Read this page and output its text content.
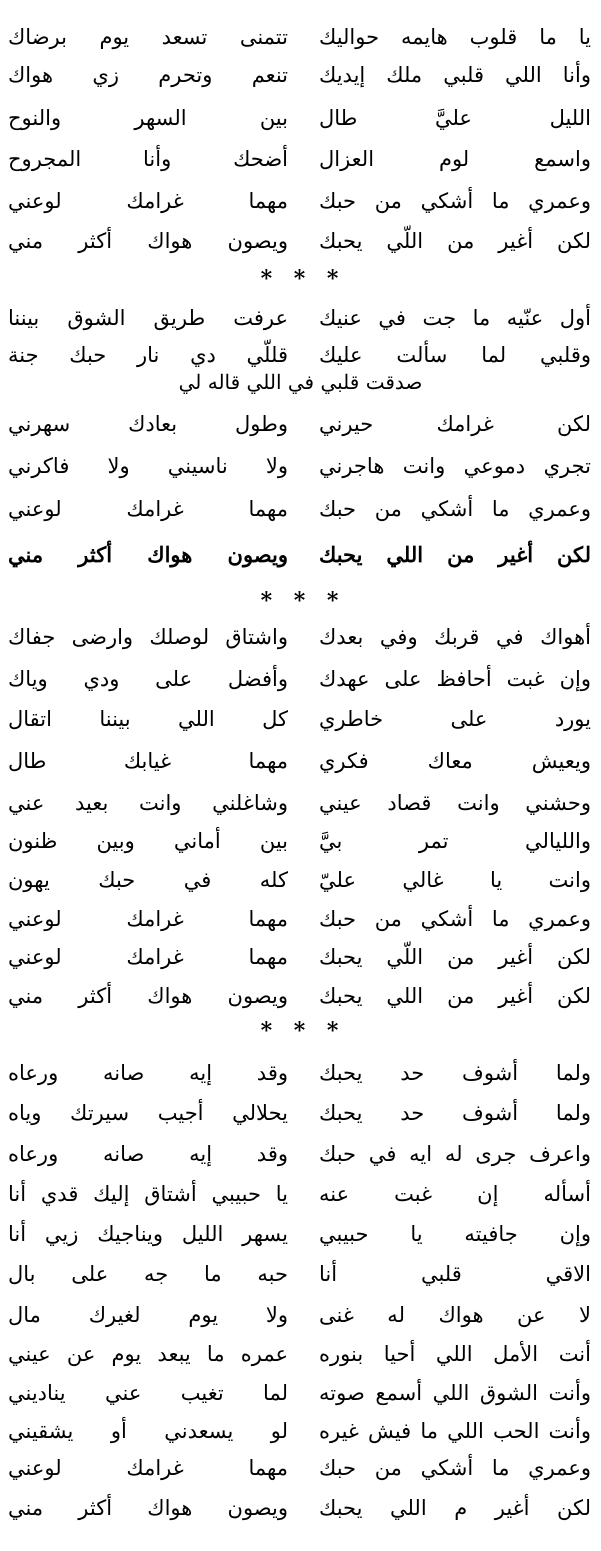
يا ما قلوب هايمه حواليك
تتمنى تسعد يوم برضاك
وأنا اللي قلبي ملك إيديك
تنعم وتحرم زي هواك
الليل عليَّ طال
بين السهر والنوح
واسمع لوم العزال
أضحك وأنا المجروح
وعمري ما أشكي من حبك
مهما غرامك لوعني
لكن أغير من اللّي يحبك
ويصون هواك أكثر مني
* * *
أول عنّيه ما جت في عنيك
عرفت طريق الشوق بيننا
وقلبي لما سألت عليك
قللّي دي نار حبك جنة
صدقت قلبي في اللي قاله لي
لكن غرامك حيرني
وطول بعادك سهرني
تجري دموعي وانت هاجرني
ولا ناسيني ولا فاكرني
وعمري ما أشكي من حبك
مهما غرامك لوعني
لكن أغير من اللي يحبك
ويصون هواك أكثر مني
* * *
أهواك في قربك وفي بعدك
واشتاق لوصلك وارضى جفاك
وإن غبت أحافظ على عهدك
وأفضل على ودي وياك
يورد على خاطري
كل اللي بيننا اتقال
ويعيش معاك فكري
مهما غيابك طال
وحشني وانت قصاد عيني
وشاغلني وانت بعيد عني
والليالي تمر بيَّ
بين أماني وبين ظنون
وانت يا غالي عليّ
كله في حبك يهون
وعمري ما أشكي من حبك
مهما غرامك لوعني
لكن أغير من اللّي يحبك
مهما غرامك لوعني
لكن أغير من اللي يحبك
ويصون هواك أكثر مني
* * *
ولما أشوف حد يحبك
وقد إيه صانه ورعاه
ولما أشوف حد يحبك
يحلالي أجيب سيرتك وياه
واعرف جرى له ايه في حبك
وقد إيه صانه ورعاه
أسأله إن غبت عنه
يا حبيبي أشتاق إليك قدي أنا
وإن جافيته يا حبيبي
يسهر الليل ويناجيك زيي أنا
الاقي قلبي أنا
حبه ما جه على بال
لا عن هواك له غنى
ولا يوم لغيرك مال
أنت الأمل اللي أحيا بنوره
عمره ما يبعد يوم عن عيني
وأنت الشوق اللي أسمع صوته
لما تغيب عني يناديني
وأنت الحب اللي ما فيش غيره
لو يسعدني أو يشقيني
وعمري ما أشكي من حبك
مهما غرامك لوعني
لكن أغير م اللي يحبك
ويصون هواك أكثر مني
